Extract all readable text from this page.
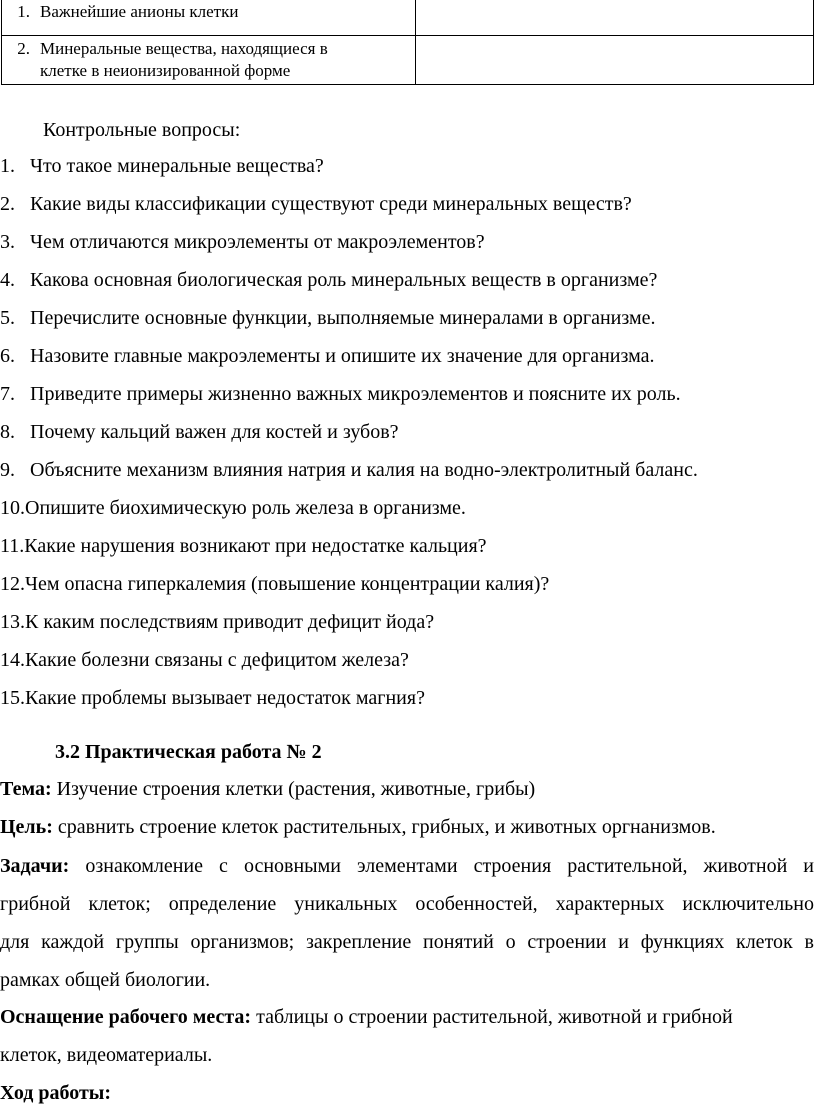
1. Важнейшие анионы клетки	
2. Минеральные вещества, находящиеся в клетке в неионизированной форме	
Контрольные вопросы:
1. Что такое минеральные вещества?
2. Какие виды классификации существуют среди минеральных веществ?
3. Чем отличаются микроэлементы от макроэлементов?
4. Какова основная биологическая роль минеральных веществ в организме?
5. Перечислите основные функции, выполняемые минералами в организме.
6. Назовите главные макроэлементы и опишите их значение для организма.
7. Приведите примеры жизненно важных микроэлементов и поясните их роль.
8. Почему кальций важен для костей и зубов?
9. Объясните механизм влияния натрия и калия на водно-электролитный баланс.
10.Опишите биохимическую роль железа в организме.
11.Какие нарушения возникают при недостатке кальция?
12.Чем опасна гиперкалемия (повышение концентрации калия)?
13.К каким последствиям приводит дефицит йода?
14.Какие болезни связаны с дефицитом железа?
15.Какие проблемы вызывает недостаток магния?
3.2 Практическая работа № 2
Тема: Изучение строения клетки (растения, животные, грибы)
Цель: сравнить строение клеток растительных, грибных, и животных оргнанизмов.
Задачи: ознакомление с основными элементами строения растительной, животной и
грибной клеток; определение уникальных особенностей, характерных исключительно
для каждой группы организмов; закрепление понятий о строении и функциях клеток в
рамках общей биологии.
Оснащение рабочего места: таблицы о строении растительной, животной и грибной
клеток, видеоматериалы.
Ход работы:
